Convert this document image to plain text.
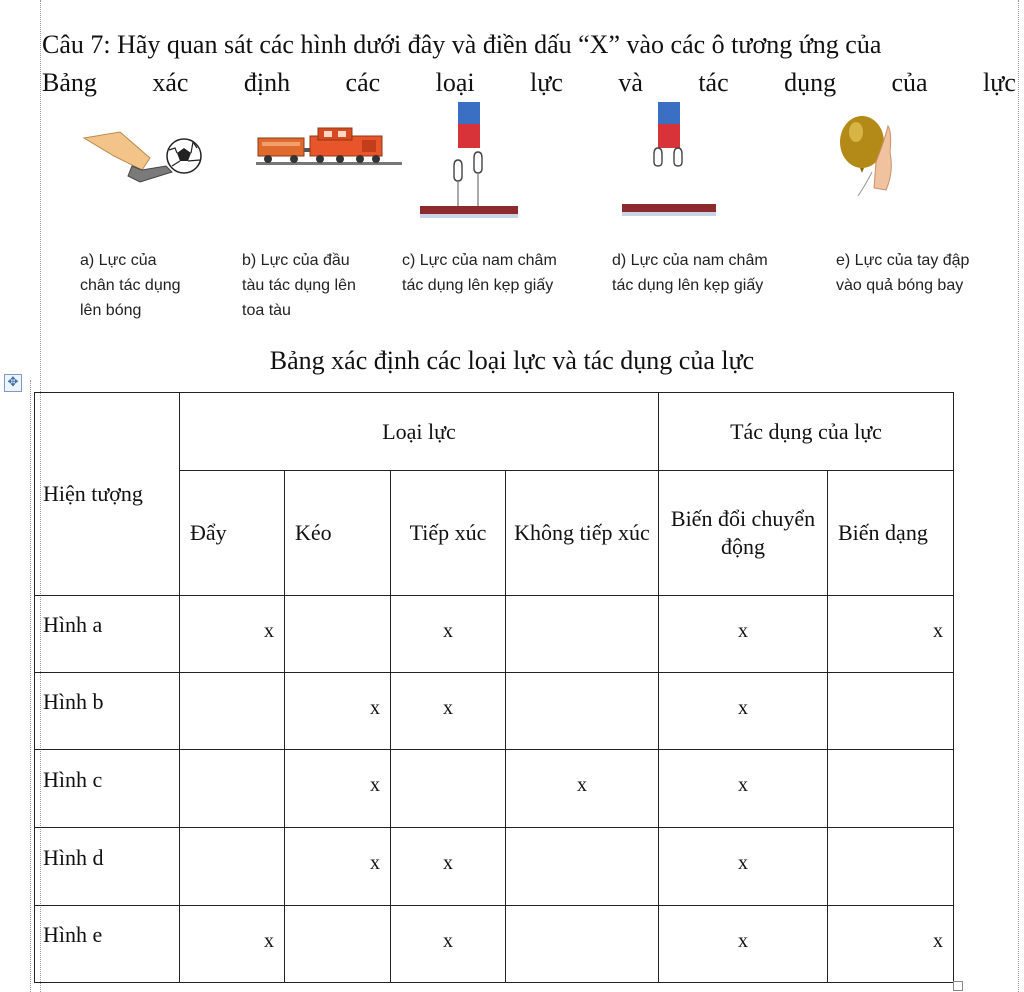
Câu 7: Hãy quan sát các hình dưới đây và điền dấu “X” vào các ô tương ứng của
Bảng xác định các loại lực và tác dụng của lực
a) Lực của
chân tác dụng
lên bóng
b) Lực của đầu
tàu tác dụng lên
toa tàu
c) Lực của nam châm
tác dụng lên kẹp giấy
d) Lực của nam châm
tác dụng lên kẹp giấy
e) Lực của tay đập
vào quả bóng bay
Bảng xác định các loại lực và tác dụng của lực
✥
Hiện tượng	Loại lực				Tác dụng của lực	
	Đẩy	Kéo	Tiếp xúc	Không tiếp xúc	Biến đổi chuyển động	Biến dạng
Hình a	x		x		x	x
Hình b		x	x		x	
Hình c		x		x	x	
Hình d		x	x		x	
Hình e	x		x		x	x
